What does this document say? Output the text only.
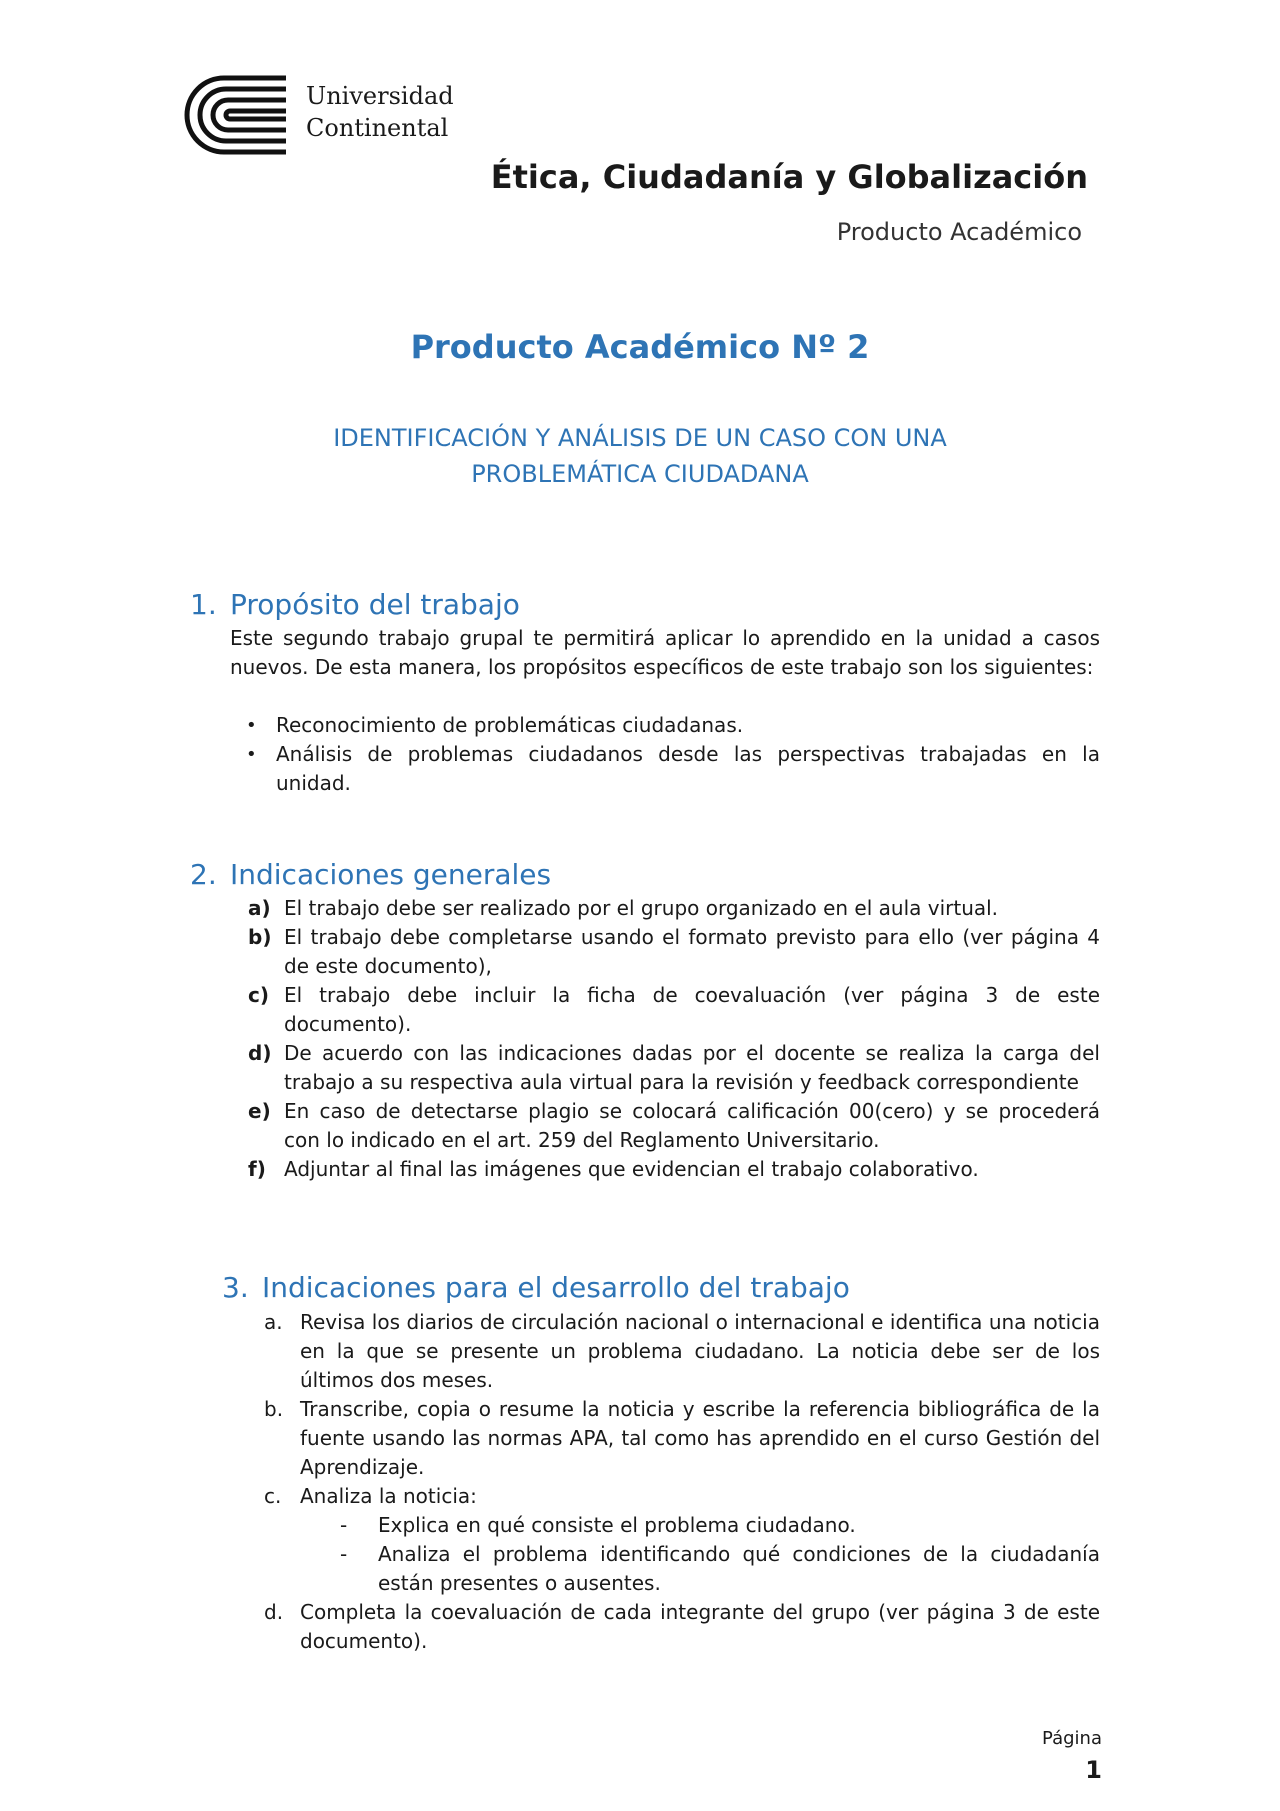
Universidad
Continental
Ética, Ciudadanía y Globalización
Producto Académico
Producto Académico Nº 2
IDENTIFICACIÓN Y ANÁLISIS DE UN CASO CON UNA
PROBLEMÁTICA CIUDADANA
1. Propósito del trabajo
Este segundo trabajo grupal te permitirá aplicar lo aprendido en la unidad a casos nuevos. De esta manera, los propósitos específicos de este trabajo son los siguientes:
• Reconocimiento de problemáticas ciudadanas.
• Análisis de problemas ciudadanos desde las perspectivas trabajadas en la unidad.
2. Indicaciones generales
a) El trabajo debe ser realizado por el grupo organizado en el aula virtual.
b) El trabajo debe completarse usando el formato previsto para ello (ver página 4 de este documento),
c) El trabajo debe incluir la ficha de coevaluación (ver página 3 de este documento).
d) De acuerdo con las indicaciones dadas por el docente se realiza la carga del trabajo a su respectiva aula virtual para la revisión y feedback correspondiente
e) En caso de detectarse plagio se colocará calificación 00(cero) y se procederá con lo indicado en el art. 259 del Reglamento Universitario.
f) Adjuntar al final las imágenes que evidencian el trabajo colaborativo.
3. Indicaciones para el desarrollo del trabajo
a. Revisa los diarios de circulación nacional o internacional e identifica una noticia en la que se presente un problema ciudadano. La noticia debe ser de los últimos dos meses.
b. Transcribe, copia o resume la noticia y escribe la referencia bibliográfica de la fuente usando las normas APA, tal como has aprendido en el curso Gestión del Aprendizaje.
c. Analiza la noticia:
- Explica en qué consiste el problema ciudadano.
- Analiza el problema identificando qué condiciones de la ciudadanía están presentes o ausentes.
d. Completa la coevaluación de cada integrante del grupo (ver página 3 de este documento).
Página
1
